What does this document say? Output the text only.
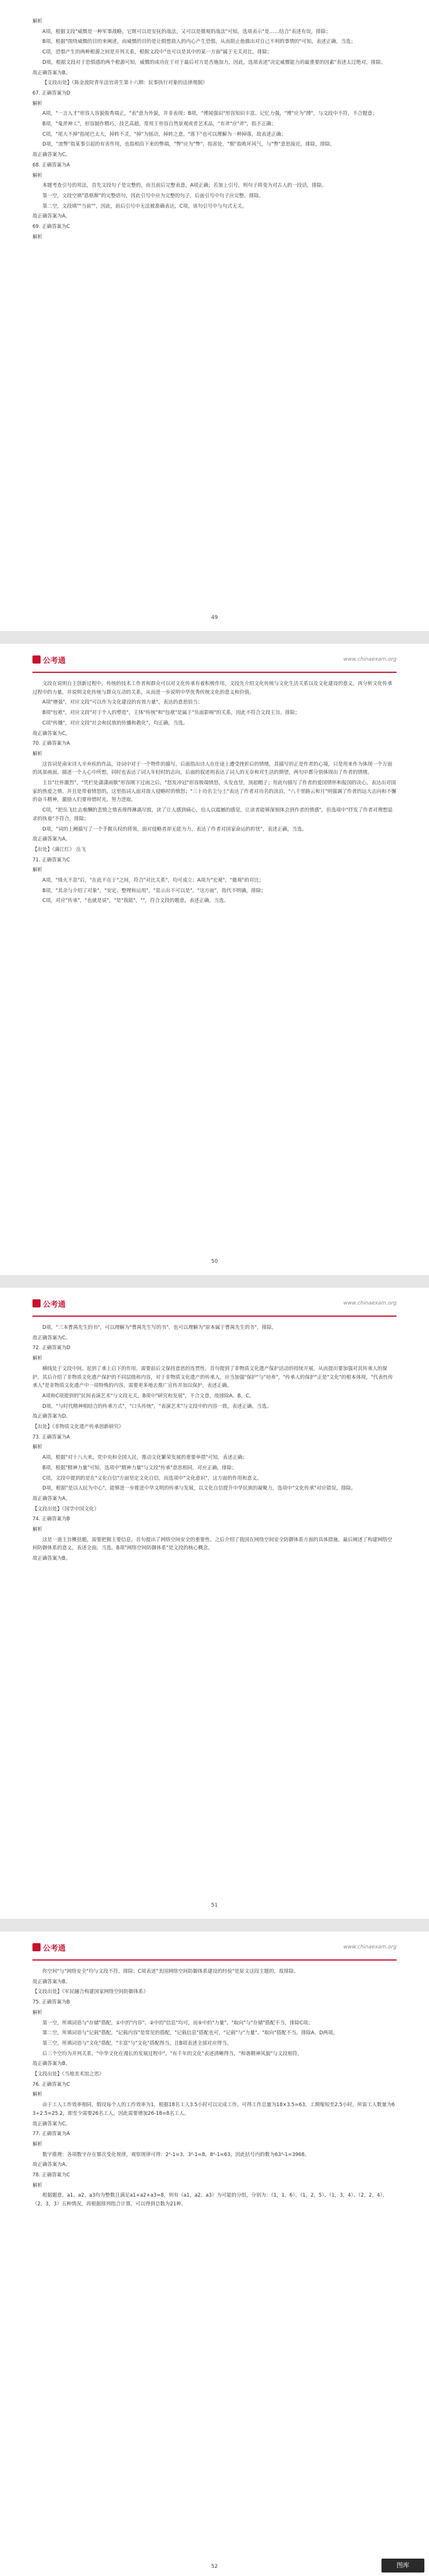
解析

A项，根据文段"威慑是一种军事战略，它既可以是安抚的战法，又可以是微观的战法"可知，选项表示"是……结合"表述有误，排除；

B项，根据"围绕威慑的目的来阐述，而威慑的目的是让假想敌人的内心产生恐惧，从而阻止他做出对自己不利的事情的"可知，表述正确，当选；

C项，恐惧产生的两种根源之间是并列关系，根据文段中"也可以是其中的某一方面"属于无关对比，排除；

D项，根据文段对于恐惧感的两个根源可知，威慑的成功在于对于最后对方是否施加力，因此，选项表述"决定威慑能力的最重要的因素"表述太过绝对，排除。

故正确答案为B。

【文段出处】《陈金波院青年法官讲生第十六期：民事执行对象的法律规制》

67. 正确答案为D

解析

A项，"一言人才"形容人容貌俊秀端正，"表"意为外貌，并非表现；B项，"博闻强识"形容知识丰富、记忆力强，"博"应为"搏"，与文段中不符，不合题意；

B项，"鬼斧神工"，形容制作精巧，技艺高超，常用于形容自然景观或者艺术品，"有斧"应"斧"，指不正确；

C项，"尾大不掉"指尾巴太大，掉转不灵，"掉"为摇动，掉转之意，"落下"也可以理解为一种掉落，故表述正确；

D项，"流弊"指某事引起的有害作用，也指相沿下来的弊端，"弊"应为"弊"，指害处，"颓"指败坏风气，与"弊"意思接近，排除，排除。

故正确答案为C。

68. 正确答案为A

解析

本题考查引号的用法，首先文段句子是完整的，而且前后完整表意，A项正确；若加上引号，则句子将变为对古人的一段话，排除。

第一空，文段空填"恩格斯"的完整语句，因此引号中应为完整的句子，后面引号中句子应完整，排除。

第二空，文段填""当前""，因此，前后引号中无法被准确表达，C项，该句引号中与句式无关。

故正确答案为A。

69. 正确答案为C

解析

49
公考通	www.chinaexam.org

文段在说明自主创新过程中，传统的技术工作者和群众可以对文化传承有着积极作用，文段先介绍文化传统与文化生活关系以及文化建设的意义，再分析文化传承过程中的力量，并说明文化传统与群众互动的关系，从而进一步说明中华优秀传统文化的意义和价值。

A项"增强"，对应文段"可以作为文化建设的有效力量"，表达的意思恰当；

B项"包袱"，对应文段"对于个人的塑造"，主体"传统"和"包袱"是属于"负面影响"的关系，因此不符合文段主旨，排除；

C项"传播"，对应文段"社会和民族的传播和教化"，均正确，当选。

故正确答案为C。

70. 正确答案为A

解析

这首词是南宋诗人辛弃疾的作品，诗词中对于一个物件的描写，后面指出诗人在仕途上遭受挫折后的情绪，其描写的正是作者的心境，只是用来作为体现一个方面的风景画面，描述一个人心中所想，同时也表达了词人年轻时的志向，后面的叙述则表达了词人的无奈和对生活的期望，两句中都分别体现出了作者的情绪。

主旨"壮怀激烈"，"凭栏处潇潇雨歇"形容刚下过雨之后，"怒发冲冠"形容极端愤怒，头发直竖，顶起帽子；用此句描写了作者的爱国情怀和报国的决心，表达出对国家的热爱之情。并且是带着愤怒的，这里指词人面对敌人侵略时的愤怒；"三十功名尘与土"表达了作者对功名的淡泊，"八千里路云和月"则强调了作者的远大志向和不懈的奋斗精神，激励人们要珍惜时光，努力进取。

C项，"把岳飞壮志难酬的悲愤之情表现得淋漓尽致，读了让人感到痛心，给人以震撼的感觉，让读者能够深刻体会到作者的情感"，但选项中"抒发了作者对理想追求的执着"不符合，排除；

D项，"词的上阙描写了一个手握兵权的将领，面对侵略者却无能为力，表达了作者对国家命运的担忧"，表述正确，当选。

故正确答案为A。

【出处】《满江红》 岳飞

71. 正确答案为C

解析

A项，"烽火不息"后，"在此不在于"之间，符合"对比关系"，均可成立；A项为"宏观"，"微观"的对比；

B项，"其余与介绍了对象"，"安定、整理和运用"，"显示出不可以是"，"这方面"，指代不明确，排除；

C项，对应"传承"，"也就是说"，"是"我能"，""，符合文段的题意，表述正确，当选。

50
公考通	www.chinaexam.org

D项，"三本曹禺先生的书"，可以理解为"曹禺先生写的书"，也可以理解为"原本属于曹禺先生的书"，排除。

故正确答案为C。

72. 正确答案为D

解析

横线处于文段中间。起到了承上启下的作用。需要前后文保持意思的连贯性。首句提到了非物质文化遗产保护活动的持续开展，从而提出要加强对其传承人的保护。其后介绍了非物质文化遗产保护的不同层级和内容，对于非物质文化遗产的传承人，应当加强"保护"与"培养"，"传承人的保护"正是"文化"的根本体现，"代表性传承人"是非物质文化遗产中一项特殊的内容，需要更多地去推广宣传并加以保护，表述正确。

A项和C项提到的"民间表演艺术"与文段无关，B项中"研究和发展"，不合文意，故排除A、B、C。

D项，"与时代精神相结合的传承方式"，"口头传统"，"表演艺术"与文段中的内容一致，表述正确，当选。

故正确答案为D。

【出处】《非物质文化遗产传承创新研究》

73. 正确答案为A

解析

A项，根据"对十八大来，党中央和全国人民，推动文化繁荣发展的重要举措"可知，表述正确；

B项，根据"精神力量"可知，选项中"精神力量"与文段"传承"意思相同，对应正确，排除；

C项，文段中提到的是在"文化自信"方面坚定文化自信，而选项中"文化意识"，这方面的作用和意义。

D项，根据"是以人民为中心"，能够进一步推进中华文明的传承与发展，以文化自信提升中华民族的凝聚力，选项中"文化传承"对应错误，排除。

故正确答案为A。

【文段出处】《国学中国文化》

74. 正确答案为B

解析

这是一道主旨概括题，需要把握主要信息。首句提出了网络空间安全的重要性，之后介绍了我国在网络空间安全防御体系方面的具体措施，最后阐述了构建网络空间防御体系的意义，表述全面，当选。B项"网络空间防御体系"是文段的核心概念。

故正确答案为B。

51
公考通	www.chinaexam.org

你空间"与"网络安全"均与文段不符，排除；C项表述"美国网络空间防御体系建设的经验"是原文这段主题的，故排除。

故正确答案为B。

【文段出处】《军民融合构建国家网络空间防御体系》

75. 正确答案为B

解析

第一空，所填词语与"存储"搭配，①中的"内容"、②中的"信息"均可，而⑤中的"力量"、"取向"与"存储"搭配不当，排除C项；

第二空，所填词语与"记载"搭配，"记载内容"是常见的搭配，"记载信息"搭配也可，"记载"与"力量"、"取向"搭配不当，排除A、D两项。

第三空，所填词语与"文化"搭配，"丰富"与"文化"搭配得当，且B项表述全部对应得当。

后三个空均为并列关系，"中华文化在漫长的发展过程中"，"有千年的文化"表述清晰得当，"和谐精神风貌"与文段相符。

故正确答案为B。

【文段出处】《当地美术馆之思》

76. 正确答案为C

解析

由于工人工作效率相同，假设每个人的工作效率为1，根据18名工人3.5小时可以完成工作，可得工作总量为18×3.5=63。工期缩短至2.5小时，所需工人数量为63÷2.5=25.2，即至少需要26名工人，因此需要增加26-18=8名工人。

故正确答案为C。

77. 正确答案为A

解析

数字推理：各项数字存在幂次变化规律，观察规律可得：2²-1=3，3²-1=8，8²-1=63，因此括号内的数为63²-1=3968。

故正确答案为A。

78. 正确答案为C

解析

根据题意，a1、a2、a3均为整数且满足a1+a2+a3=8，则有（a1，a2，a3）为可能的分组，分别为：（1，1，6）、（1，2，5）、（1，3，4）、（2，2，4）、（2，3，3）五种情况，再根据排列组合计算，可以得到总数为21种。

52	图库
